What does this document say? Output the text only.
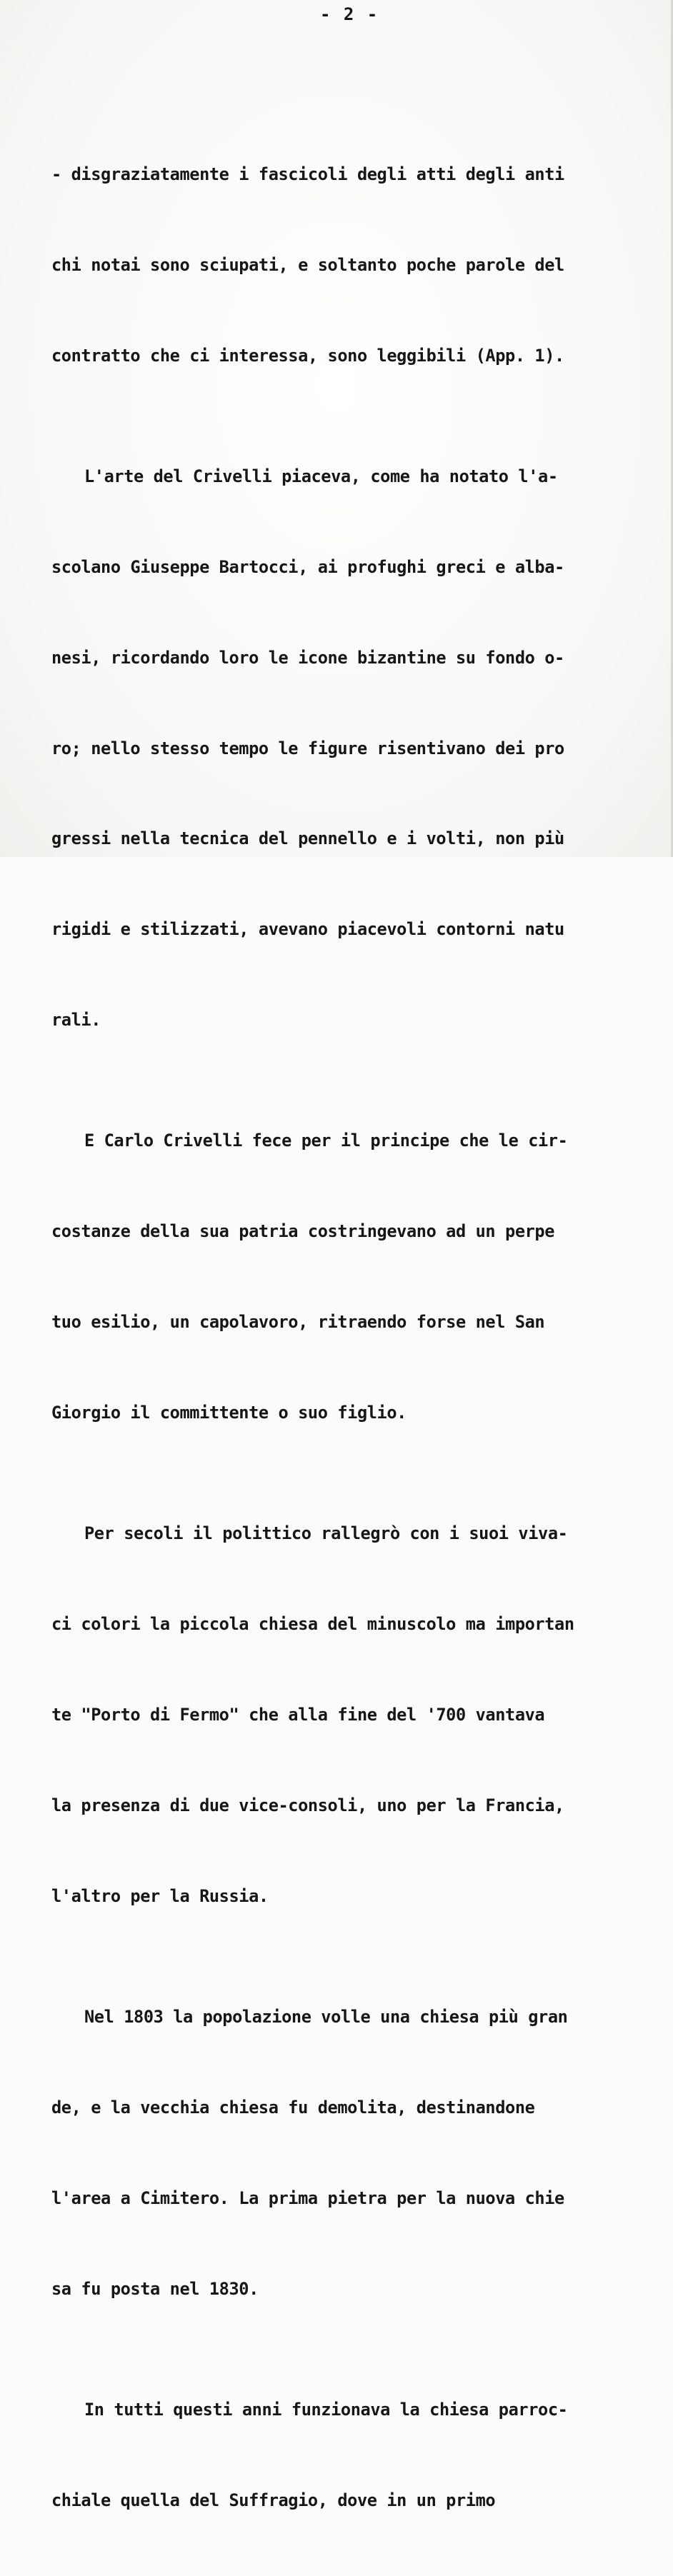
- 2 -

- disgraziatamente i fascicoli degli atti degli anti

chi notai sono sciupati, e soltanto poche parole del

contratto che ci interessa, sono leggibili (App. 1).

L'arte del Crivelli piaceva, come ha notato l'a-

scolano Giuseppe Bartocci, ai profughi greci e alba-

nesi, ricordando loro le icone bizantine su fondo o-

ro; nello stesso tempo le figure risentivano dei pro

gressi nella tecnica del pennello e i volti, non più

rigidi e stilizzati, avevano piacevoli contorni natu

rali.

E Carlo Crivelli fece per il principe che le cir-

costanze della sua patria costringevano ad un perpe

tuo esilio, un capolavoro, ritraendo forse nel San

Giorgio il committente o suo figlio.

Per secoli il polittico rallegrò con i suoi viva-

ci colori la piccola chiesa del minuscolo ma importan

te "Porto di Fermo" che alla fine del '700 vantava

la presenza di due vice-consoli, uno per la Francia,

l'altro per la Russia.

Nel 1803 la popolazione volle una chiesa più gran

de, e la vecchia chiesa fu demolita, destinandone

l'area a Cimitero. La prima pietra per la nuova chie

sa fu posta nel 1830.

In tutti questi anni funzionava la chiesa parroc-

chiale quella del Suffragio, dove in un primo
